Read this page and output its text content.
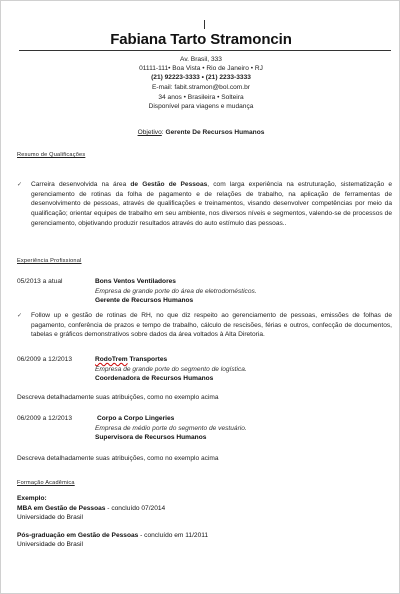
Fabiana Tarto Stramoncin
Av. Brasil, 333
01111-111• Boa Vista • Rio de Janeiro • RJ
(21) 92223-3333 • (21) 2233-3333
E-mail: fabit.stramon@bol.com.br
34 anos • Brasileira • Solteira
Disponível para viagens e mudança
Objetivo: Gerente De Recursos Humanos
Resumo de Qualificações
✓ Carreira desenvolvida na área de Gestão de Pessoas, com larga experiência na estruturação, sistematização e gerenciamento de rotinas da folha de pagamento e de relações de trabalho, na aplicação de ferramentas de desenvolvimento de pessoas, através de qualificações e treinamentos, visando desenvolver competências por meio da qualificação; orientar equipes de trabalho em seu ambiente, nos diversos níveis e segmentos, valendo-se de processos de gerenciamento, objetivando produzir resultados através do auto estímulo das pessoas..
Experiência Profissional
05/2013 a atual	Bons Ventos Ventiladores
Empresa de grande porte do área de eletrodomésticos.
Gerente de Recursos Humanos
✓ Follow up e gestão de rotinas de RH, no que diz respeito ao gerenciamento de pessoas, emissões de folhas de pagamento, conferência de prazos e tempo de trabalho, cálculo de rescisões, férias e outros, confecção de documentos, tabelas e gráficos demonstrativos sobre dados da área voltados à Alta Diretoria.
06/2009 a 12/2013	RodoTrem Transportes
Empresa de grande porte do segmento de logística.
Coordenadora de Recursos Humanos
Descreva detalhadamente suas atribuições, como no exemplo acima
06/2009 a 12/2013	Corpo a Corpo Lingeries
Empresa de médio porte do segmento de vestuário.
Supervisora de Recursos Humanos
Descreva detalhadamente suas atribuições, como no exemplo acima
Formação Acadêmica
Exemplo:
MBA em Gestão de Pessoas - concluído 07/2014
Universidade do Brasil
Pós-graduação em Gestão de Pessoas - concluído em 11/2011
Universidade do Brasil
